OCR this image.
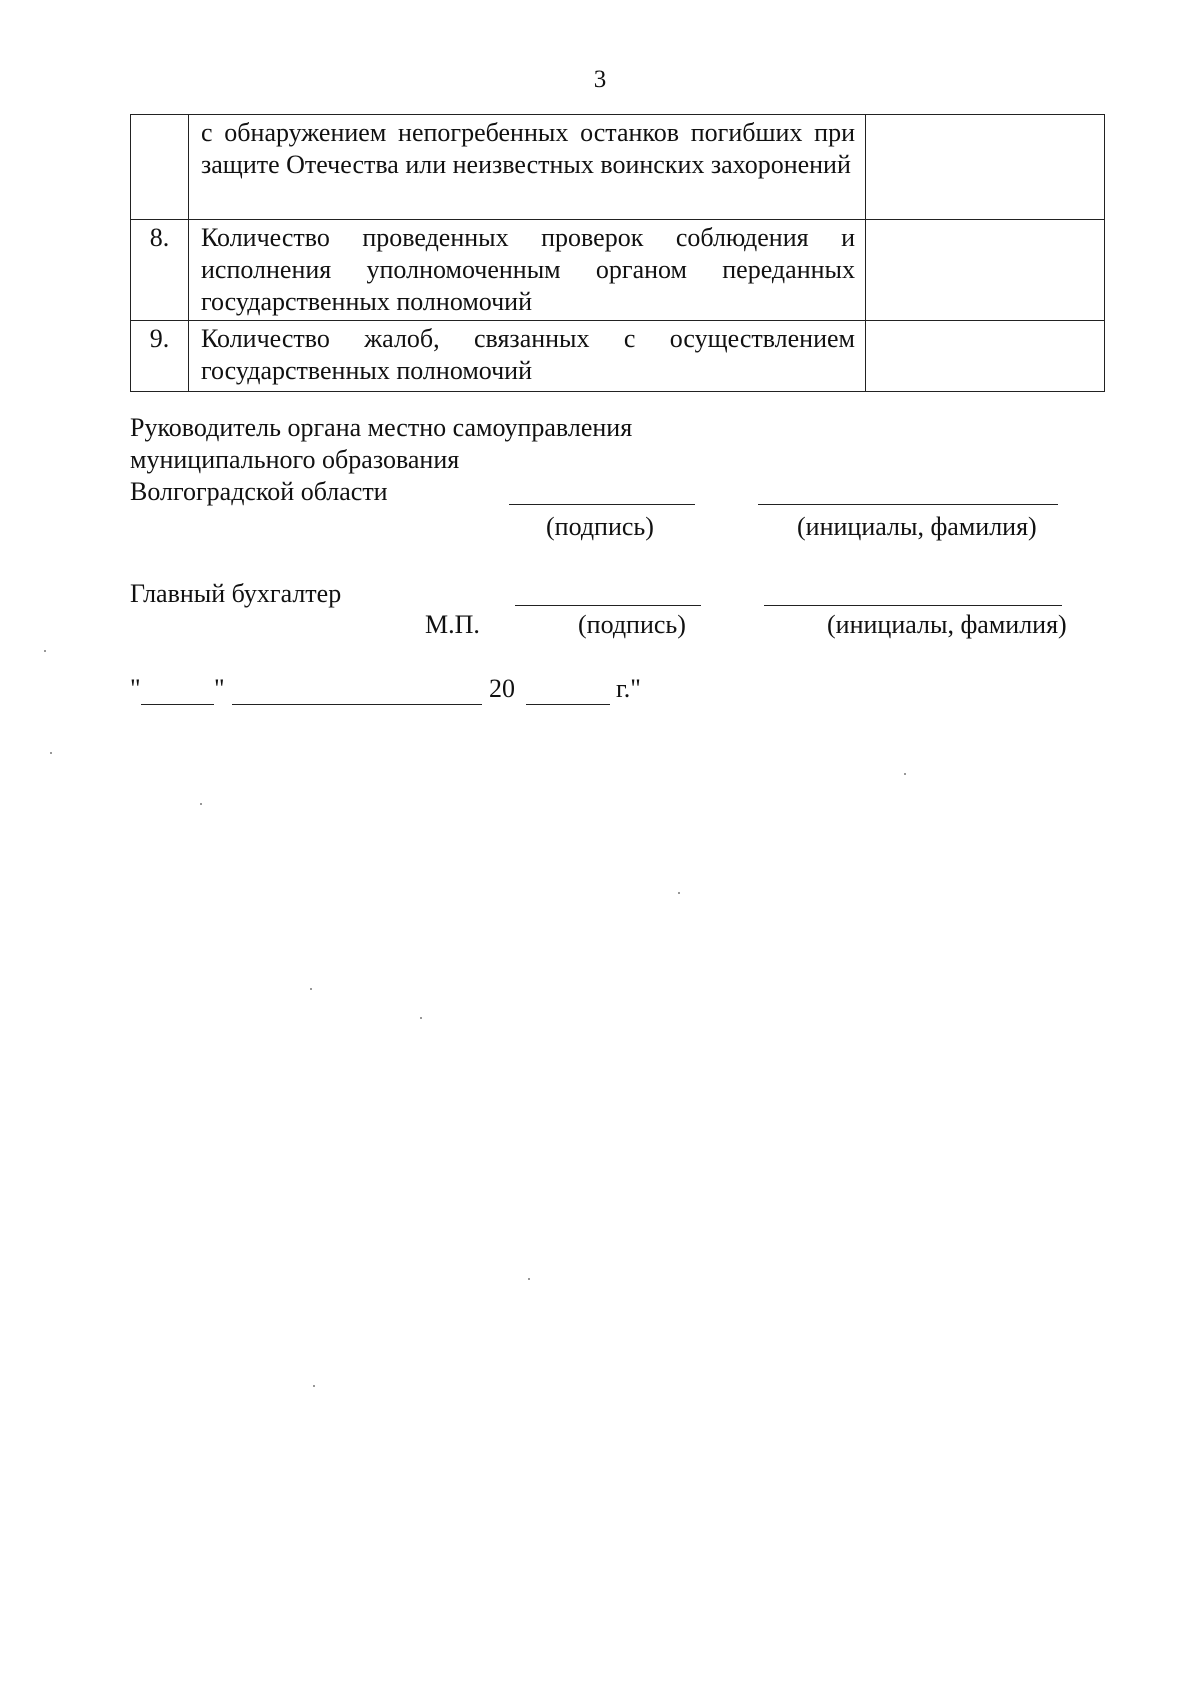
3
	с обнаружением непогребенных останков погибших при защите Отечества или неизвестных воинских захоронений	
8.	Количество проведенных проверок соблюдения и исполнения уполномоченным органом переданных государственных полномочий	
9.	Количество жалоб, связанных с осуществлением государственных полномочий	
Руководитель органа местно самоуправления
муниципального образования
Волгоградской области
(подпись)	(инициалы, фамилия)
Главный бухгалтер
М.П.	(подпись)	(инициалы, фамилия)
"	"	20	г."
